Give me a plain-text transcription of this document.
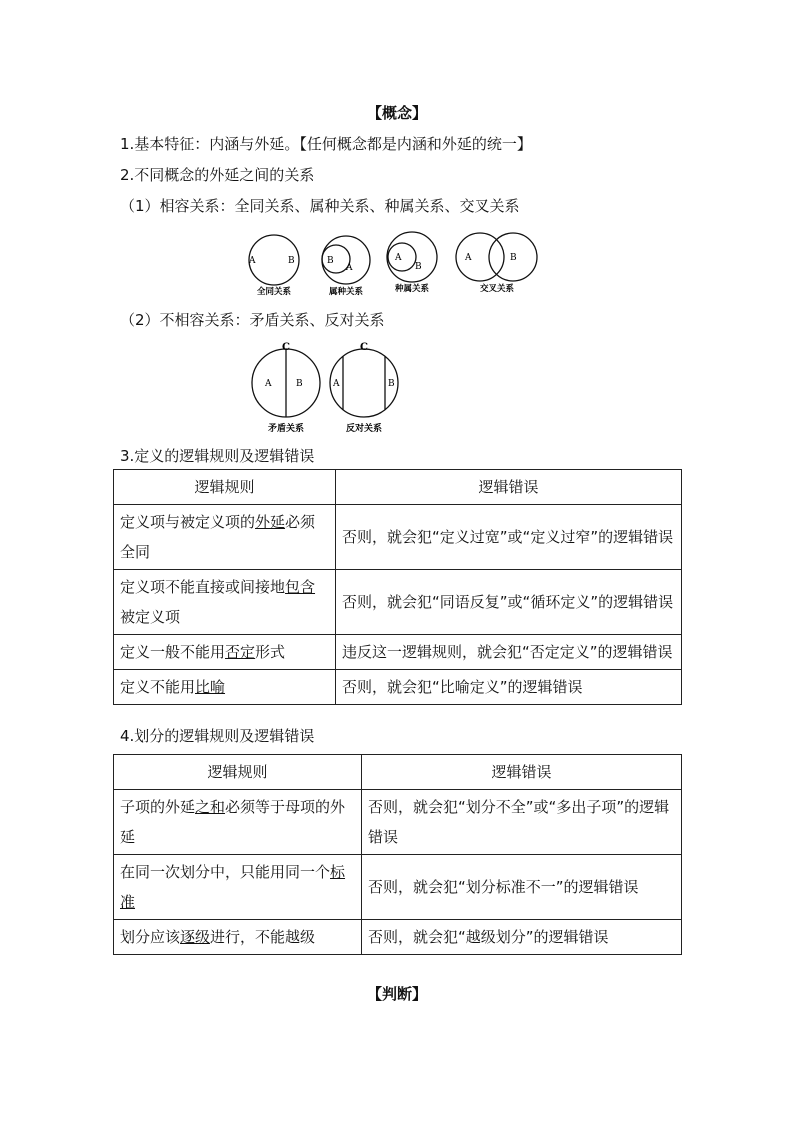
【概念】
1.基本特征：内涵与外延。【任何概念都是内涵和外延的统一】
2.不同概念的外延之间的关系
（1）相容关系：全同关系、属种关系、种属关系、交叉关系
A	B
全同关系
B
A
属种关系
A
B
种属关系
A	B
交叉关系
（2）不相容关系：矛盾关系、反对关系
C
A	B
矛盾关系
C
A	B
反对关系
3.定义的逻辑规则及逻辑错误
逻辑规则	逻辑错误
定义项与被定义项的外延必须全同	否则，就会犯“定义过宽”或“定义过窄”的逻辑错误
定义项不能直接或间接地包含被定义项	否则，就会犯“同语反复”或“循环定义”的逻辑错误
定义一般不能用否定形式	违反这一逻辑规则，就会犯“否定定义”的逻辑错误
定义不能用比喻	否则，就会犯“比喻定义”的逻辑错误
4.划分的逻辑规则及逻辑错误
逻辑规则	逻辑错误
子项的外延之和必须等于母项的外延	否则，就会犯“划分不全”或“多出子项”的逻辑错误
在同一次划分中，只能用同一个标准	否则，就会犯“划分标准不一”的逻辑错误
划分应该逐级进行，不能越级	否则，就会犯“越级划分”的逻辑错误
【判断】
